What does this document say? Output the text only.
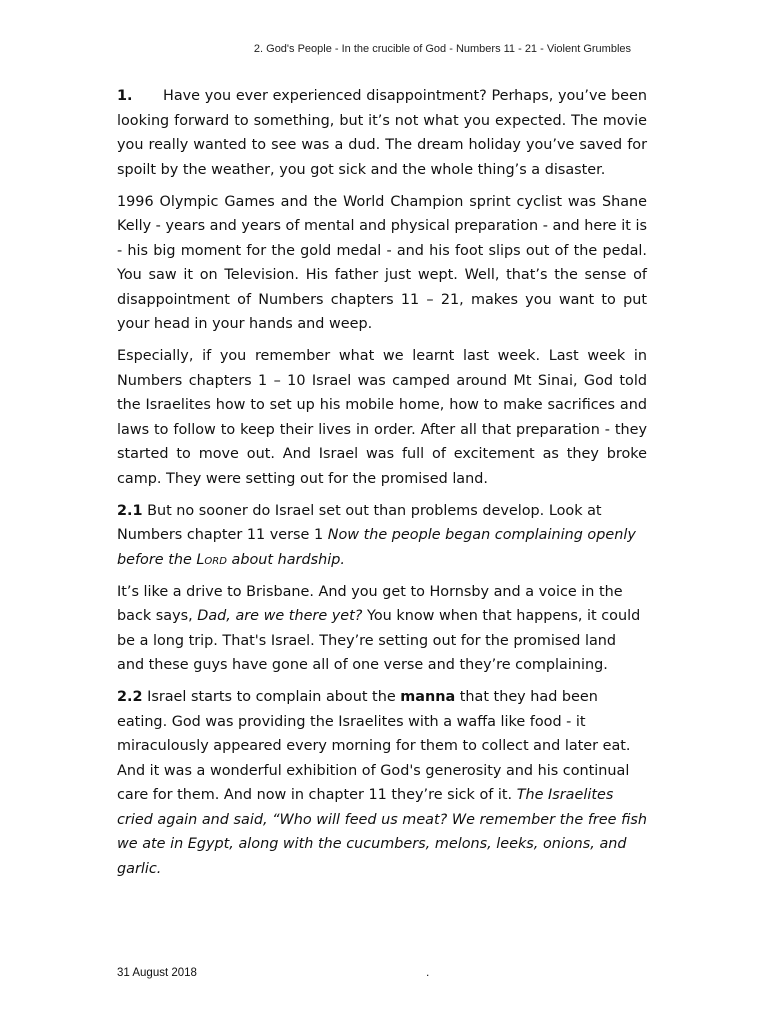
2. God's People - In the crucible of God - Numbers 11 - 21 - Violent Grumbles

1. Have you ever experienced disappointment? Perhaps, you’ve been looking forward to something, but it’s not what you expected. The movie you really wanted to see was a dud. The dream holiday you’ve saved for spoilt by the weather, you got sick and the whole thing’s a disaster.

1996 Olympic Games and the World Champion sprint cyclist was Shane Kelly - years and years of mental and physical preparation - and here it is - his big moment for the gold medal - and his foot slips out of the pedal. You saw it on Television. His father just wept. Well, that’s the sense of disappointment of Numbers chapters 11 – 21, makes you want to put your head in your hands and weep.

Especially, if you remember what we learnt last week. Last week in Numbers chapters 1 – 10 Israel was camped around Mt Sinai, God told the Israelites how to set up his mobile home, how to make sacrifices and laws to follow to keep their lives in order. After all that preparation - they started to move out. And Israel was full of excitement as they broke camp. They were setting out for the promised land.

2.1 But no sooner do Israel set out than problems develop. Look at Numbers chapter 11 verse 1 Now the people began complaining openly before the Lord about hardship.

It’s like a drive to Brisbane. And you get to Hornsby and a voice in the back says, Dad, are we there yet? You know when that happens, it could be a long trip. That's Israel. They’re setting out for the promised land and these guys have gone all of one verse and they’re complaining.

2.2 Israel starts to complain about the manna that they had been eating. God was providing the Israelites with a waffa like food - it miraculously appeared every morning for them to collect and later eat. And it was a wonderful exhibition of God's generosity and his continual care for them. And now in chapter 11 they’re sick of it. The Israelites cried again and said, “Who will feed us meat? We remember the free fish we ate in Egypt, along with the cucumbers, melons, leeks, onions, and garlic.

31 August 2018	.
